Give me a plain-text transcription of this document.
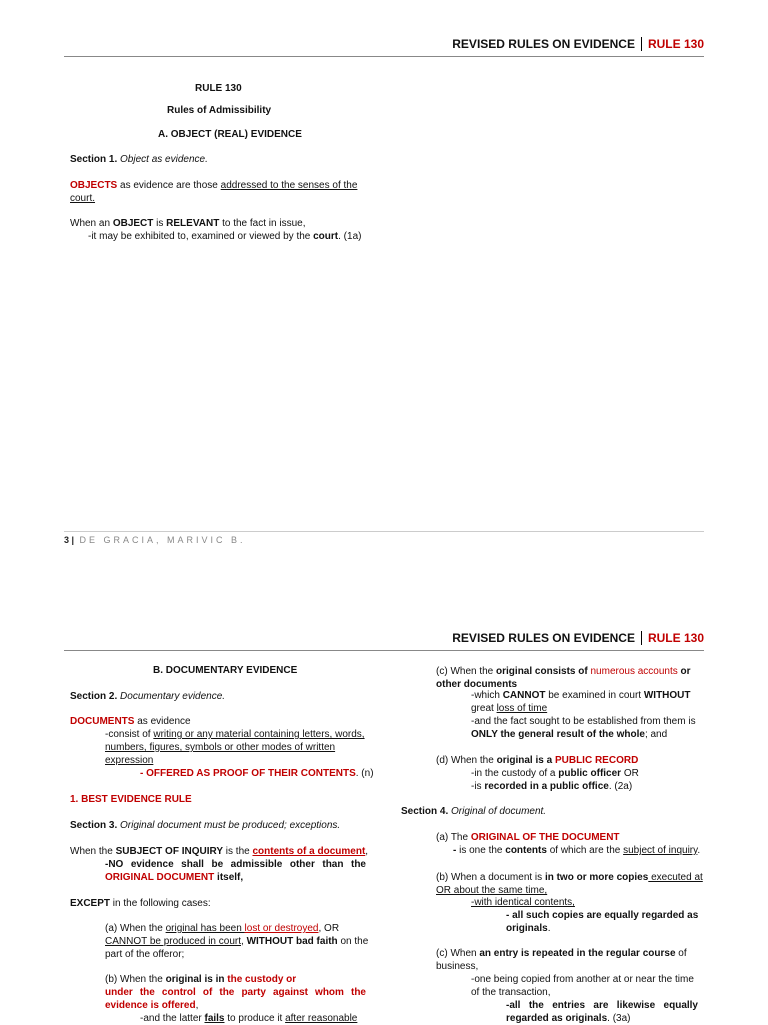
REVISED RULES ON EVIDENCE	RULE 130
RULE 130
Rules of Admissibility
A. OBJECT (REAL) EVIDENCE
Section 1. Object as evidence.
OBJECTS as evidence are those addressed to the senses of the
court.
When an OBJECT is RELEVANT to the fact in issue,
-it may be exhibited to, examined or viewed by the court. (1a)
3 | DE GRACIA, MARIVIC B.
REVISED RULES ON EVIDENCE	RULE 130
B. DOCUMENTARY EVIDENCE
Section 2. Documentary evidence.
DOCUMENTS as evidence
-consist of writing or any material containing letters, words,
numbers, figures, symbols or other modes of written
expression
- OFFERED AS PROOF OF THEIR CONTENTS. (n)
1. BEST EVIDENCE RULE
Section 3. Original document must be produced; exceptions.
When the SUBJECT OF INQUIRY is the contents of a document,
-NO evidence shall be admissible other than the
ORIGINAL DOCUMENT itself,
EXCEPT in the following cases:
(a) When the original has been lost or destroyed, OR
CANNOT be produced in court, WITHOUT bad faith on the
part of the offeror;
(b) When the original is in the custody or
under the control of the party against whom the
evidence is offered,
-and the latter fails to produce it after reasonable
(c) When the original consists of numerous accounts or
other documents
-which CANNOT be examined in court WITHOUT
great loss of time
-and the fact sought to be established from them is
ONLY the general result of the whole; and
(d) When the original is a PUBLIC RECORD
-in the custody of a public officer OR
-is recorded in a public office. (2a)
Section 4. Original of document.
(a) The ORIGINAL OF THE DOCUMENT
- is one the contents of which are the subject of inquiry.
(b) When a document is in two or more copies executed at
OR about the same time,
-with identical contents,
- all such copies are equally regarded as
originals.
(c) When an entry is repeated in the regular course of
business,
-one being copied from another at or near the time
of the transaction,
-all the entries are likewise equally
regarded as originals. (3a)
